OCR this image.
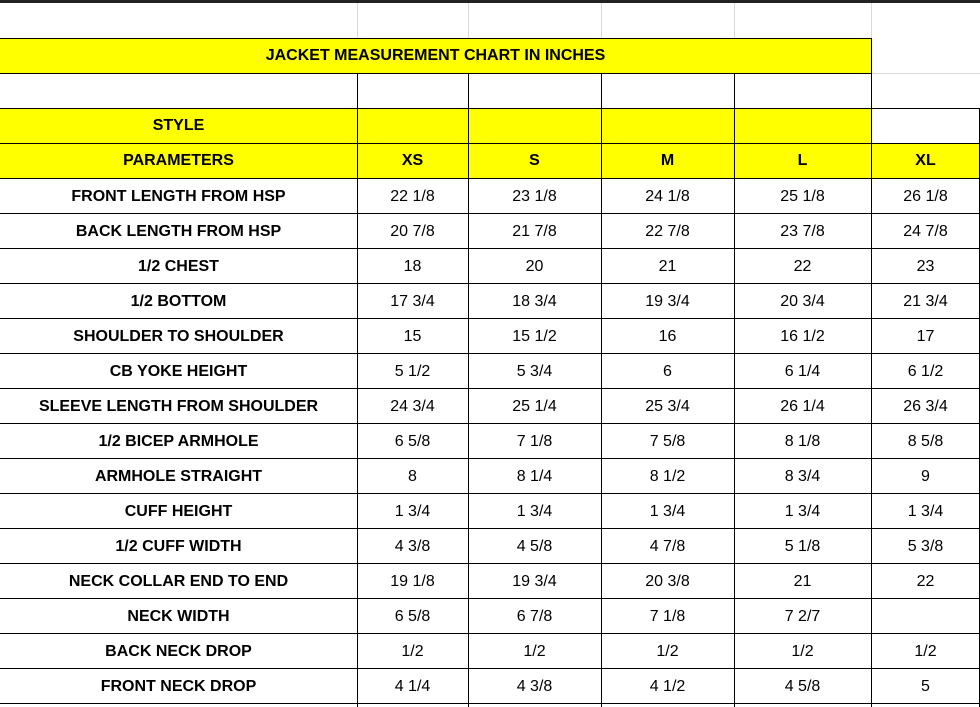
JACKET MEASUREMENT CHART IN INCHES
STYLE
PARAMETERS	XS	S	M	L	XL
FRONT LENGTH FROM HSP	22 1/8	23 1/8	24 1/8	25 1/8	26 1/8
BACK LENGTH FROM HSP	20 7/8	21 7/8	22 7/8	23 7/8	24 7/8
1/2 CHEST	18	20	21	22	23
1/2 BOTTOM	17 3/4	18 3/4	19 3/4	20 3/4	21 3/4
SHOULDER TO SHOULDER	15	15 1/2	16	16 1/2	17
CB YOKE HEIGHT	5 1/2	5 3/4	6	6 1/4	6 1/2
SLEEVE LENGTH FROM SHOULDER	24 3/4	25 1/4	25 3/4	26 1/4	26 3/4
1/2 BICEP ARMHOLE	6 5/8	7 1/8	7 5/8	8 1/8	8 5/8
ARMHOLE STRAIGHT	8	8 1/4	8 1/2	8 3/4	9
CUFF HEIGHT	1 3/4	1 3/4	1 3/4	1 3/4	1 3/4
1/2 CUFF WIDTH	4 3/8	4 5/8	4 7/8	5 1/8	5 3/8
NECK COLLAR END TO END	19 1/8	19 3/4	20 3/8	21	22
NECK WIDTH	6 5/8	6 7/8	7 1/8	7 2/7
BACK NECK DROP	1/2	1/2	1/2	1/2	1/2
FRONT NECK DROP	4 1/4	4 3/8	4 1/2	4 5/8	5
